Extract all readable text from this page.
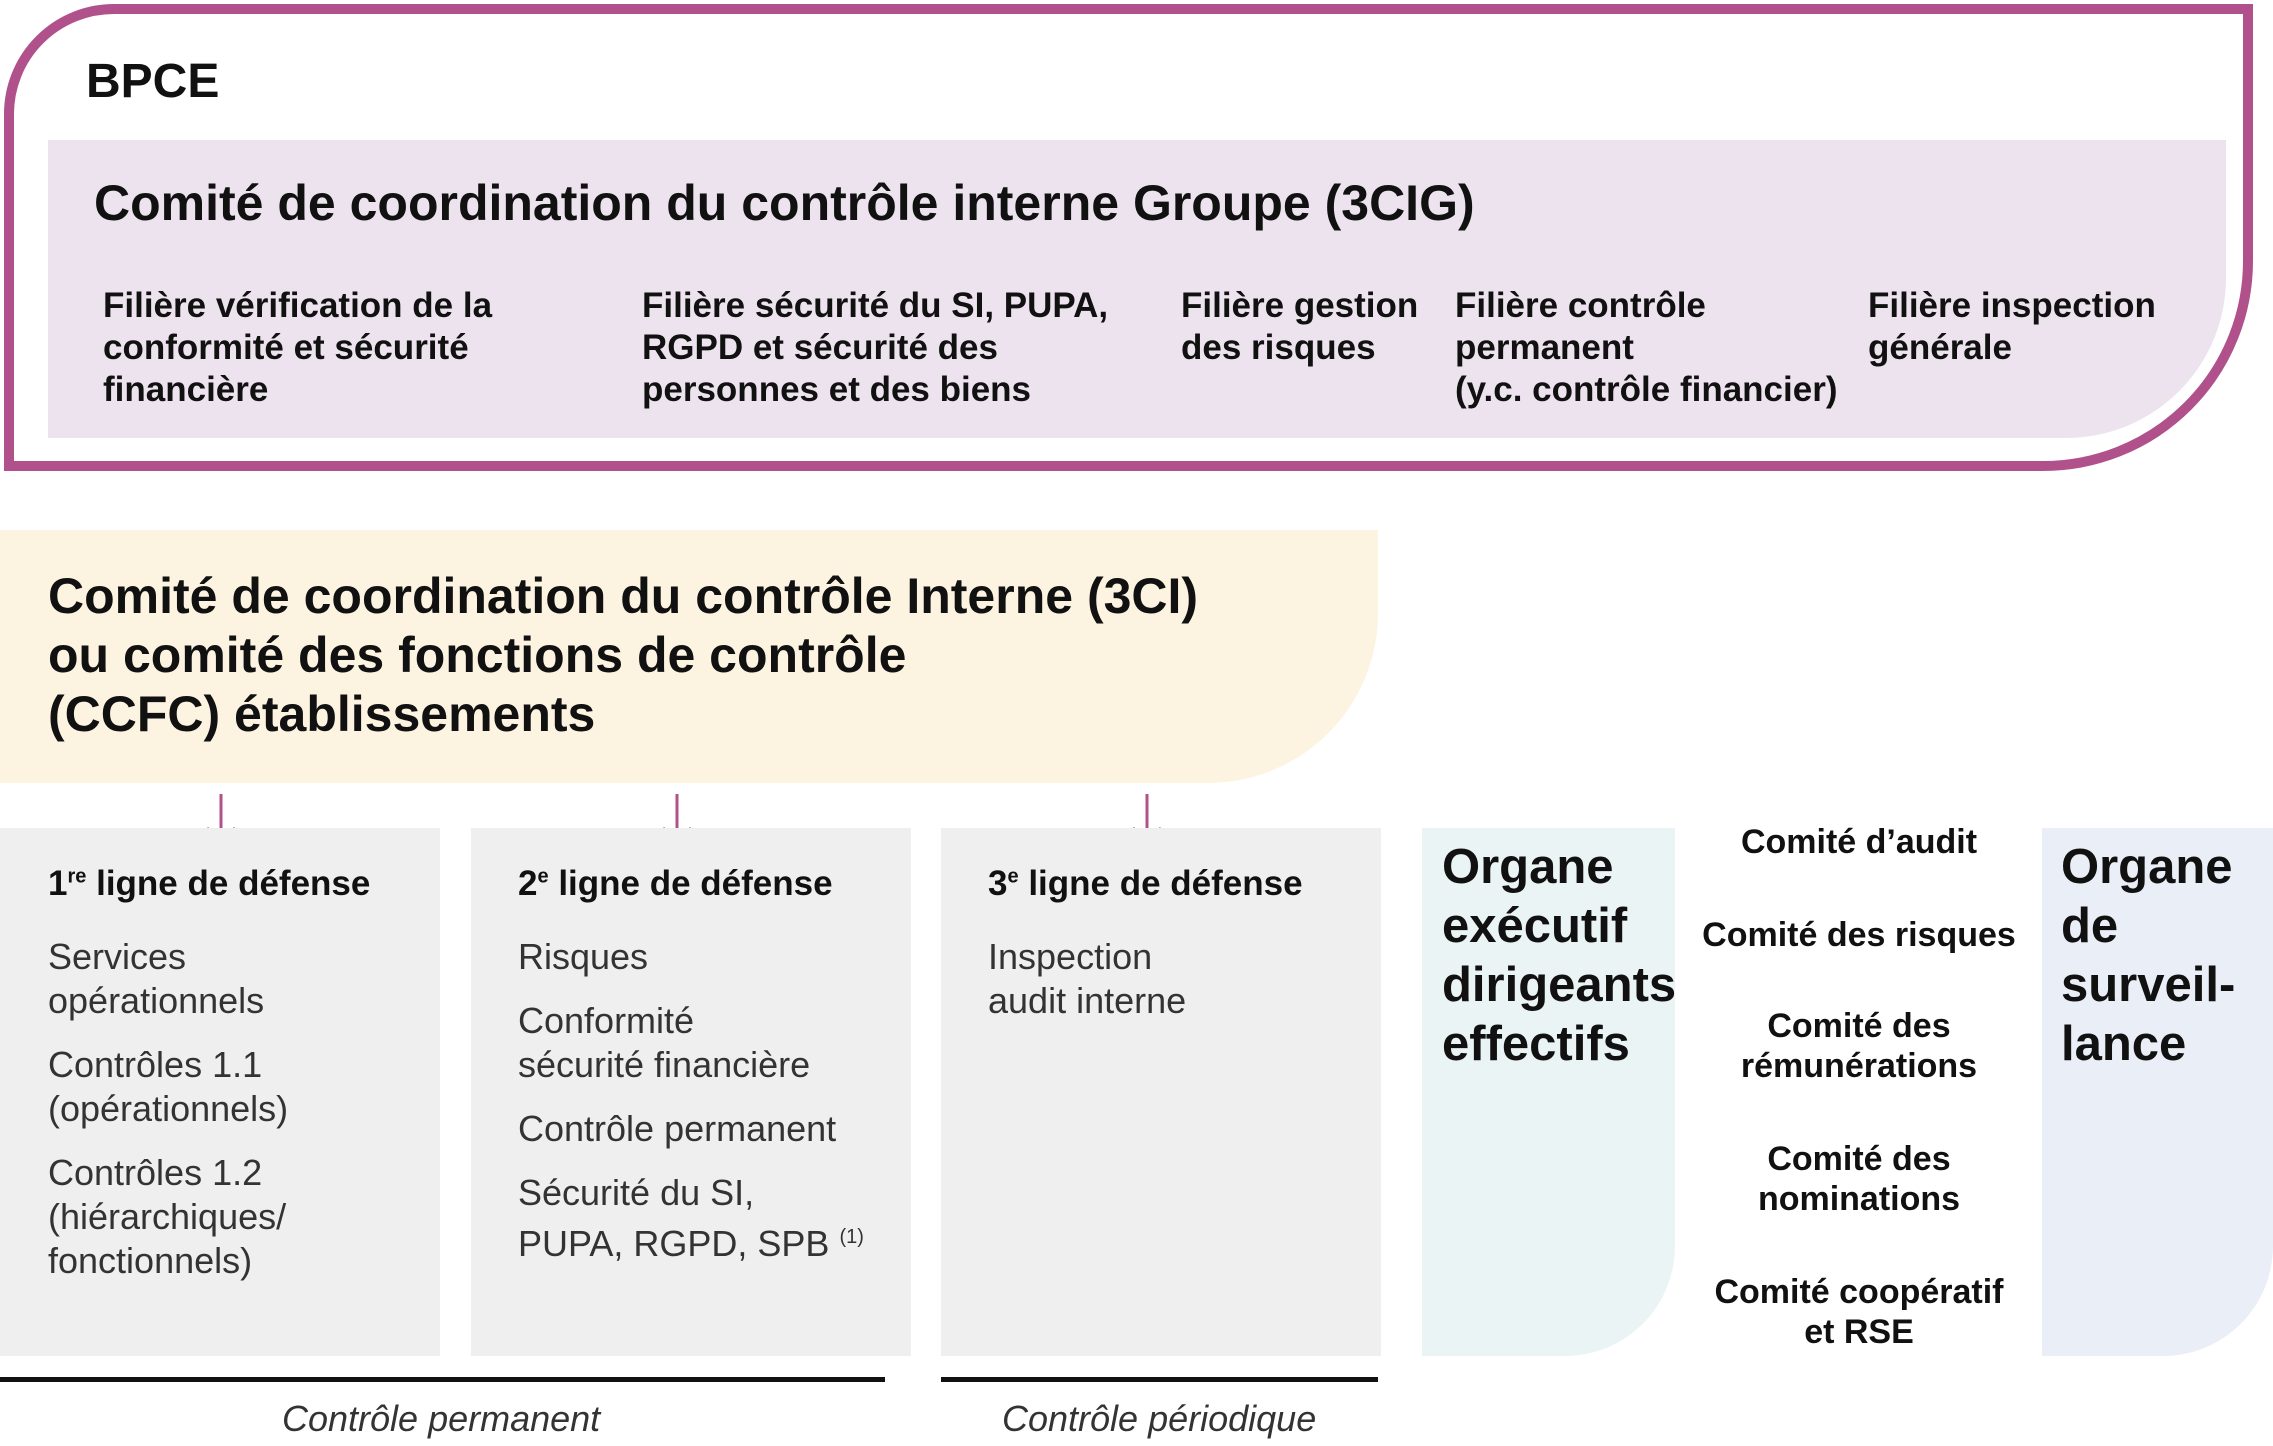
BPCE
Comité de coordination du contrôle interne Groupe (3CIG)
Filière vérification de la
conformité et sécurité
financière
Filière sécurité du SI, PUPA,
RGPD et sécurité des
personnes et des biens
Filière gestion
des risques
Filière contrôle
permanent
(y.c. contrôle financier)
Filière inspection
générale
Comité de coordination du contrôle Interne (3CI)
ou comité des fonctions de contrôle
(CCFC) établissements
1re ligne de défense
Services
opérationnels
Contrôles 1.1
(opérationnels)
Contrôles 1.2
(hiérarchiques/
fonctionnels)
2e ligne de défense
Risques
Conformité
sécurité financière
Contrôle permanent
Sécurité du SI,
PUPA, RGPD, SPB $^{(1)}$
3e ligne de défense
Inspection
audit interne
Contrôle permanent	Contrôle périodique
Organe
exécutif
dirigeants
effectifs
Comité d’audit
Comité des risques
Comité des
rémunérations
Comité des
nominations
Comité coopératif
et RSE
Organe
de
surveil-
lance
